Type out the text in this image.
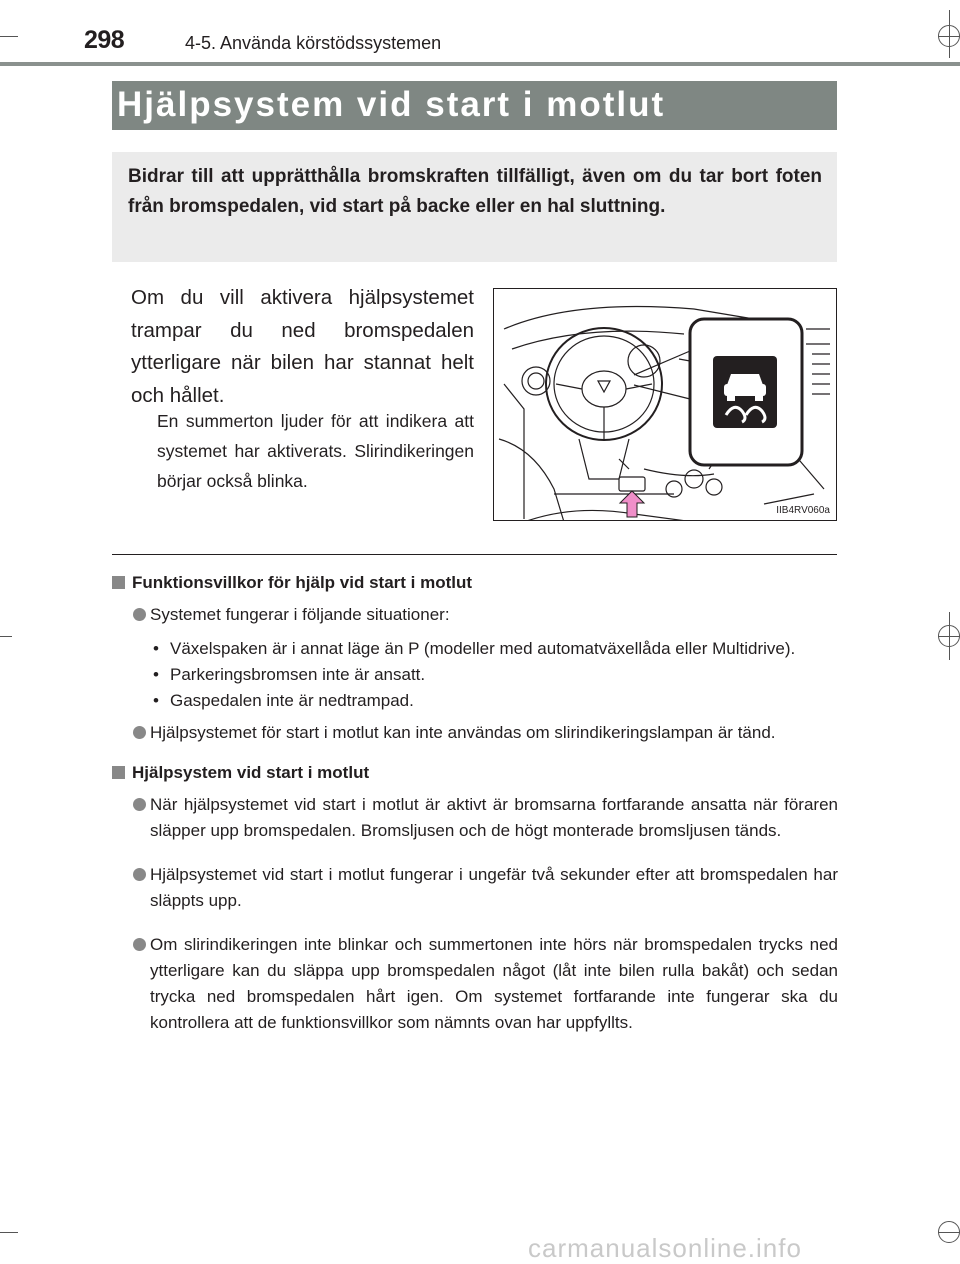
298	4-5. Använda körstödssystemen
Hjälpsystem vid start i motlut
Bidrar till att upprätthålla bromskraften tillfälligt, även om du tar bort foten från bromspedalen, vid start på backe eller en hal sluttning.
Om du vill aktivera hjälpsystemet trampar du ned bromspedalen ytterligare när bilen har stannat helt och hållet.
En summerton ljuder för att indikera att systemet har aktiverats. Slirindikeringen börjar också blinka.
IIB4RV060a
Funktionsvillkor för hjälp vid start i motlut
Systemet fungerar i följande situationer:
• Växelspaken är i annat läge än P (modeller med automatväxellåda eller Multidrive).
• Parkeringsbromsen inte är ansatt.
• Gaspedalen inte är nedtrampad.
Hjälpsystemet för start i motlut kan inte användas om slirindikeringslampan är tänd.
Hjälpsystem vid start i motlut
När hjälpsystemet vid start i motlut är aktivt är bromsarna fortfarande ansatta när föraren släpper upp bromspedalen. Bromsljusen och de högt monterade bromsljusen tänds.
Hjälpsystemet vid start i motlut fungerar i ungefär två sekunder efter att bromspedalen har släppts upp.
Om slirindikeringen inte blinkar och summertonen inte hörs när bromspedalen trycks ned ytterligare kan du släppa upp bromspedalen något (låt inte bilen rulla bakåt) och sedan trycka ned bromspedalen hårt igen. Om systemet fortfarande inte fungerar ska du kontrollera att de funktionsvillkor som nämnts ovan har uppfyllts.
carmanualsonline.info
